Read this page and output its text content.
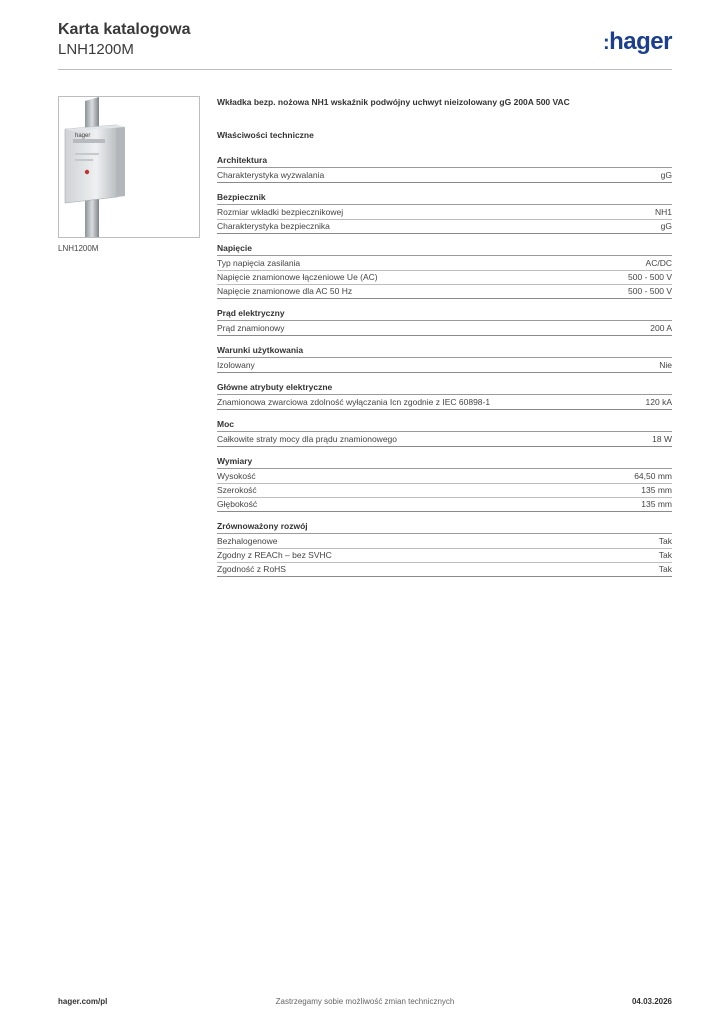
Karta katalogowa
LNH1200M	:hager
hager
LNH1200M
Wkładka bezp. nożowa NH1 wskaźnik podwójny uchwyt nieizolowany gG 200A 500 VAC
Właściwości techniczne
Architektura
Charakterystyka wyzwalania	gG
Bezpiecznik
Rozmiar wkładki bezpiecznikowej	NH1
Charakterystyka bezpiecznika	gG
Napięcie
Typ napięcia zasilania	AC/DC
Napięcie znamionowe łączeniowe Ue (AC)	500 - 500 V
Napięcie znamionowe dla AC 50 Hz	500 - 500 V
Prąd elektryczny
Prąd znamionowy	200 A
Warunki użytkowania
Izolowany	Nie
Główne atrybuty elektryczne
Znamionowa zwarciowa zdolność wyłączania Icn zgodnie z IEC 60898-1	120 kA
Moc
Całkowite straty mocy dla prądu znamionowego	18 W
Wymiary
Wysokość	64,50 mm
Szerokość	135 mm
Głębokość	135 mm
Zrównoważony rozwój
Bezhalogenowe	Tak
Zgodny z REACh – bez SVHC	Tak
Zgodność z RoHS	Tak
hager.com/pl	Zastrzegamy sobie możliwość zmian technicznych	04.03.2026
